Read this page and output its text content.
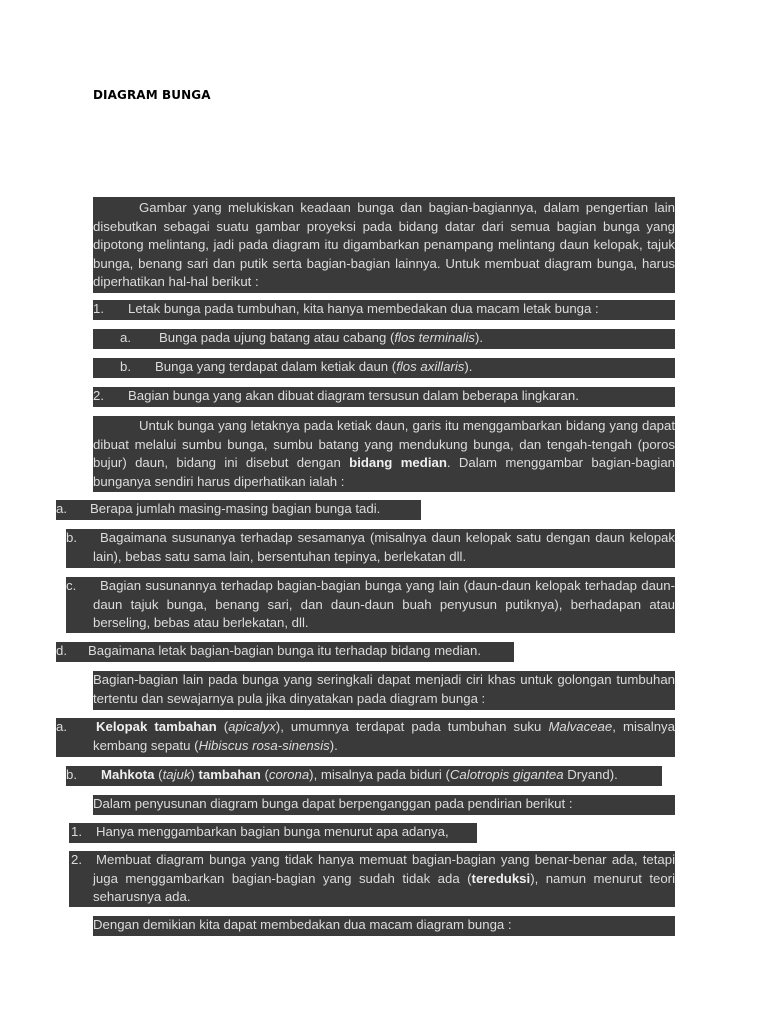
DIAGRAM BUNGA
Gambar yang melukiskan keadaan bunga dan bagian-bagiannya, dalam pengertian lain disebutkan sebagai suatu gambar proyeksi pada bidang datar dari semua bagian bunga yang dipotong melintang, jadi pada diagram itu digambarkan penampang melintang daun kelopak, tajuk bunga, benang sari dan putik serta bagian-bagian lainnya. Untuk membuat diagram bunga, harus diperhatikan hal-hal berikut :
1. Letak bunga pada tumbuhan, kita hanya membedakan dua macam letak bunga :
a. Bunga pada ujung batang atau cabang (flos terminalis).
b. Bunga yang terdapat dalam ketiak daun (flos axillaris).
2. Bagian bunga yang akan dibuat diagram tersusun dalam beberapa lingkaran.
Untuk bunga yang letaknya pada ketiak daun, garis itu menggambarkan bidang yang dapat dibuat melalui sumbu bunga, sumbu batang yang mendukung bunga, dan tengah-tengah (poros bujur) daun, bidang ini disebut dengan bidang median. Dalam menggambar bagian-bagian bunganya sendiri harus diperhatikan ialah :
a. Berapa jumlah masing-masing bagian bunga tadi.
b.	Bagaimana susunanya terhadap sesamanya (misalnya daun kelopak satu dengan daun kelopak lain), bebas satu sama lain, bersentuhan tepinya, berlekatan dll.
c.	Bagian susunannya terhadap bagian-bagian bunga yang lain (daun-daun kelopak terhadap daun-daun tajuk bunga, benang sari, dan daun-daun buah penyusun putiknya), berhadapan atau berseling, bebas atau berlekatan, dll.
d. Bagaimana letak bagian-bagian bunga itu terhadap bidang median.
Bagian-bagian lain pada bunga yang seringkali dapat menjadi ciri khas untuk golongan tumbuhan tertentu dan sewajarnya pula jika dinyatakan pada diagram bunga :
a. Kelopak tambahan (apicalyx), umumnya terdapat pada tumbuhan suku Malvaceae, misalnya kembang sepatu (Hibiscus rosa-sinensis).
b. Mahkota (tajuk) tambahan (corona), misalnya pada biduri (Calotropis gigantea Dryand).
Dalam penyusunan diagram bunga dapat berpenganggan pada pendirian berikut :
1. Hanya menggambarkan bagian bunga menurut apa adanya,
2. Membuat diagram bunga yang tidak hanya memuat bagian-bagian yang benar-benar ada, tetapi juga menggambarkan bagian-bagian yang sudah tidak ada (tereduksi), namun menurut teori seharusnya ada.
Dengan demikian kita dapat membedakan dua macam diagram bunga :
